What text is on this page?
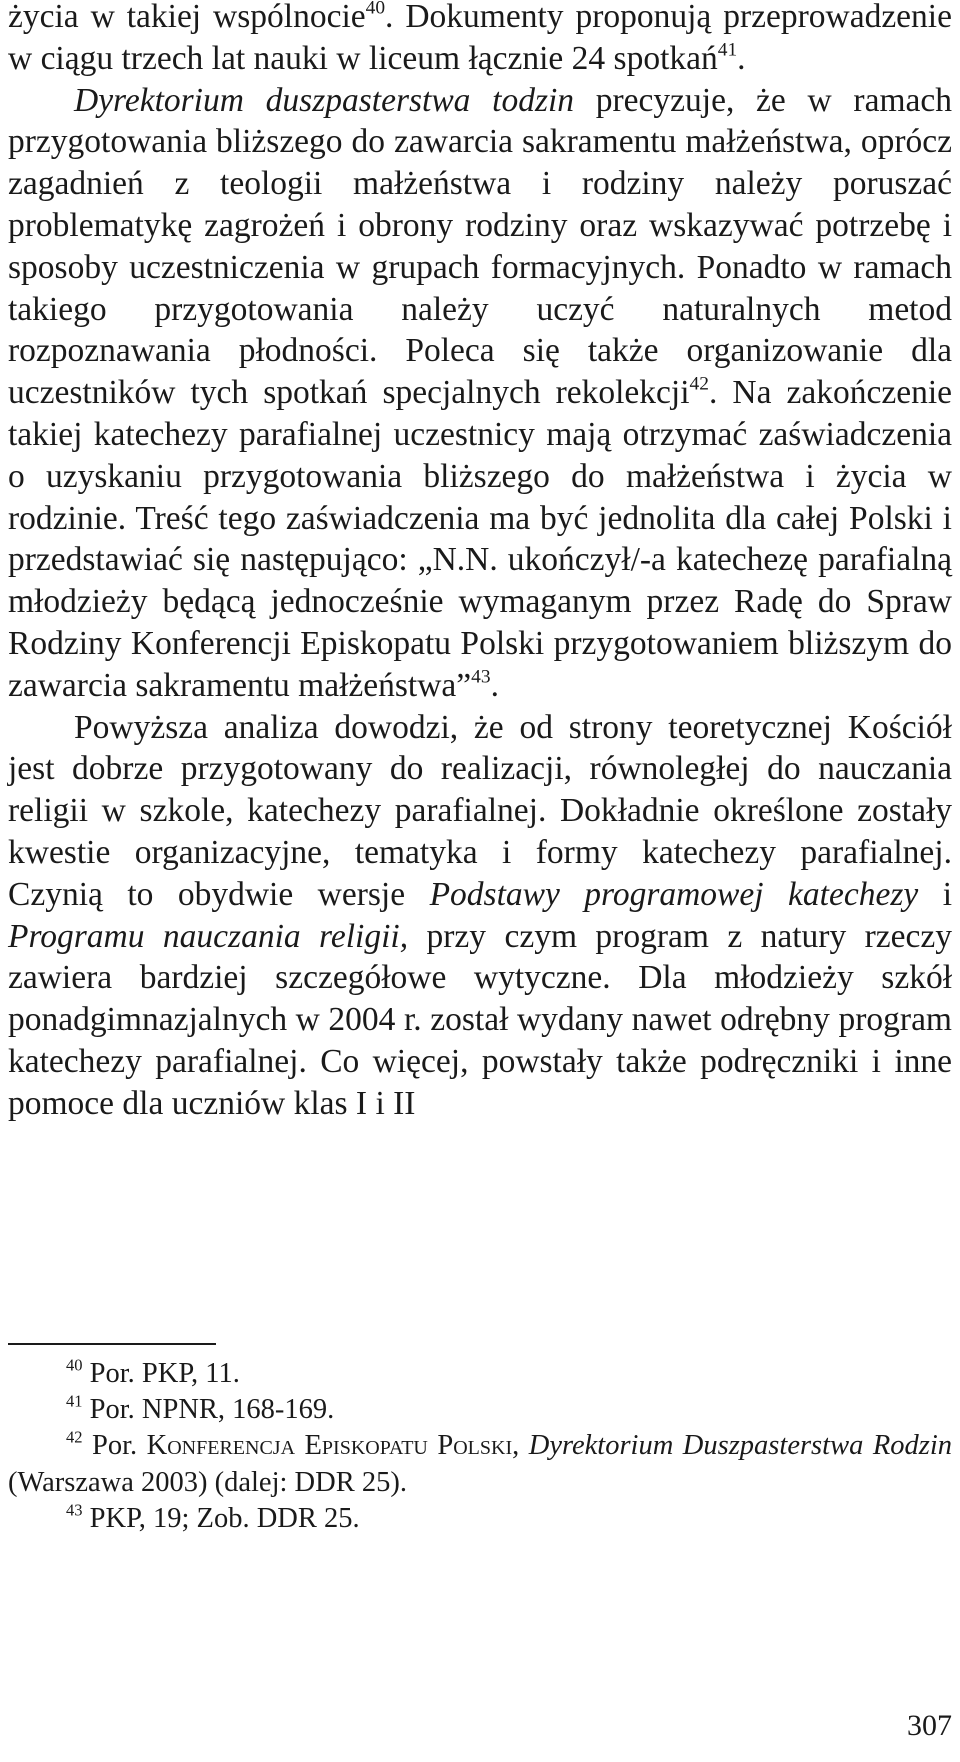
życia w takiej wspólnocie$^{40}$. Dokumenty proponują przeprowadzenie w ciągu trzech lat nauki w liceum łącznie 24 spotkań$^{41}$.

Dyrektorium duszpasterstwa todzin precyzuje, że w ramach przygotowania bliższego do zawarcia sakramentu małżeństwa, oprócz zagadnień z teologii małżeństwa i rodziny należy poruszać problematykę zagrożeń i obrony rodziny oraz wskazywać potrzebę i sposoby uczestniczenia w grupach formacyjnych. Ponadto w ramach takiego przygotowania należy uczyć naturalnych metod rozpoznawania płodności. Poleca się także organizowanie dla uczestników tych spotkań specjalnych rekolekcji$^{42}$. Na zakończenie takiej katechezy parafialnej uczestnicy mają otrzymać zaświadczenia o uzyskaniu przygotowania bliższego do małżeństwa i życia w rodzinie. Treść tego zaświadczenia ma być jednolita dla całej Polski i przedstawiać się następująco: „N.N. ukończył/-a katechezę parafialną młodzieży będącą jednocześnie wymaganym przez Radę do Spraw Rodziny Konferencji Episkopatu Polski przygotowaniem bliższym do zawarcia sakramentu małżeństwa”$^{43}$.

Powyższa analiza dowodzi, że od strony teoretycznej Kościół jest dobrze przygotowany do realizacji, równoległej do nauczania religii w szkole, katechezy parafialnej. Dokładnie określone zostały kwestie organizacyjne, tematyka i formy katechezy parafialnej. Czynią to obydwie wersje Podstawy programowej katechezy i Programu nauczania religii, przy czym program z natury rzeczy zawiera bardziej szczegółowe wytyczne. Dla młodzieży szkół ponadgimnazjalnych w 2004 r. został wydany nawet odrębny program katechezy parafialnej. Co więcej, powstały także podręczniki i inne pomoce dla uczniów klas I i II

$^{40}$ Por. PKP, 11.

$^{41}$ Por. NPNR, 168-169.

$^{42}$ Por. Konferencja Episkopatu Polski, Dyrektorium Duszpasterstwa Rodzin (Warszawa 2003) (dalej: DDR 25).

$^{43}$ PKP, 19; Zob. DDR 25.

307
